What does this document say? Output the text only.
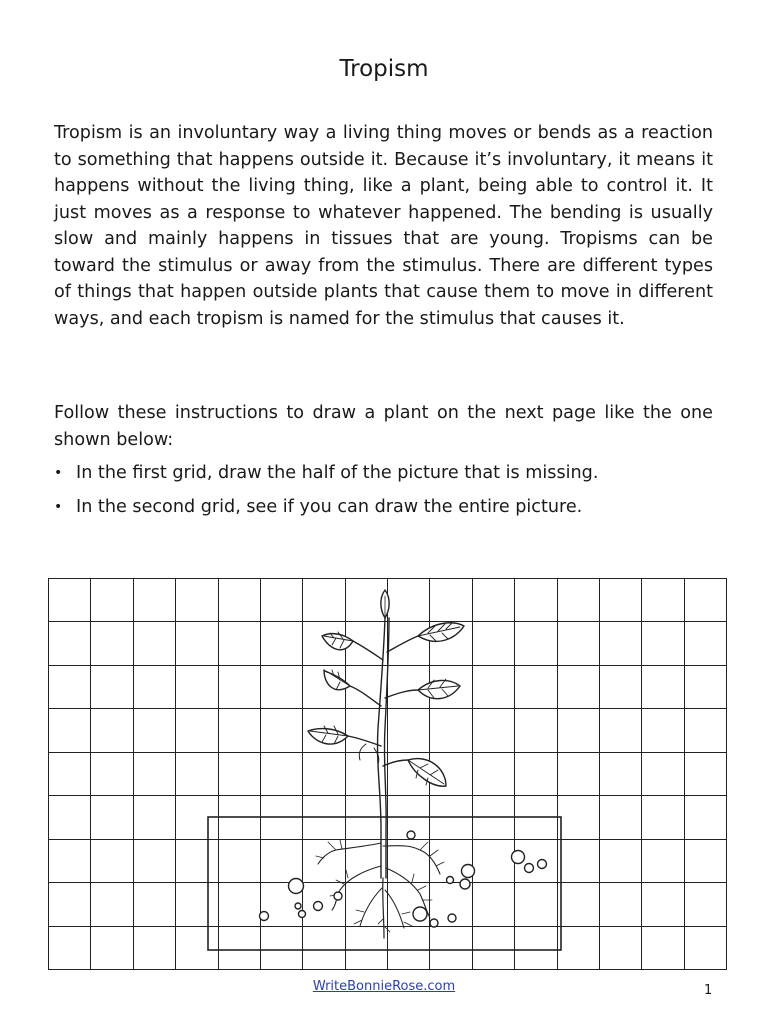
Tropism

Tropism is an involuntary way a living thing moves or bends as a reaction to something that happens outside it. Because it’s involuntary, it means it happens without the living thing, like a plant, being able to control it. It just moves as a response to whatever happened. The bending is usually slow and mainly happens in tissues that are young. Tropisms can be toward the stimulus or away from the stimulus. There are different types of things that happen outside plants that cause them to move in different ways, and each tropism is named for the stimulus that causes it.

Follow these instructions to draw a plant on the next page like the one shown below:

• In the first grid, draw the half of the picture that is missing.
• In the second grid, see if you can draw the entire picture.
WriteBonnieRose.com	1
